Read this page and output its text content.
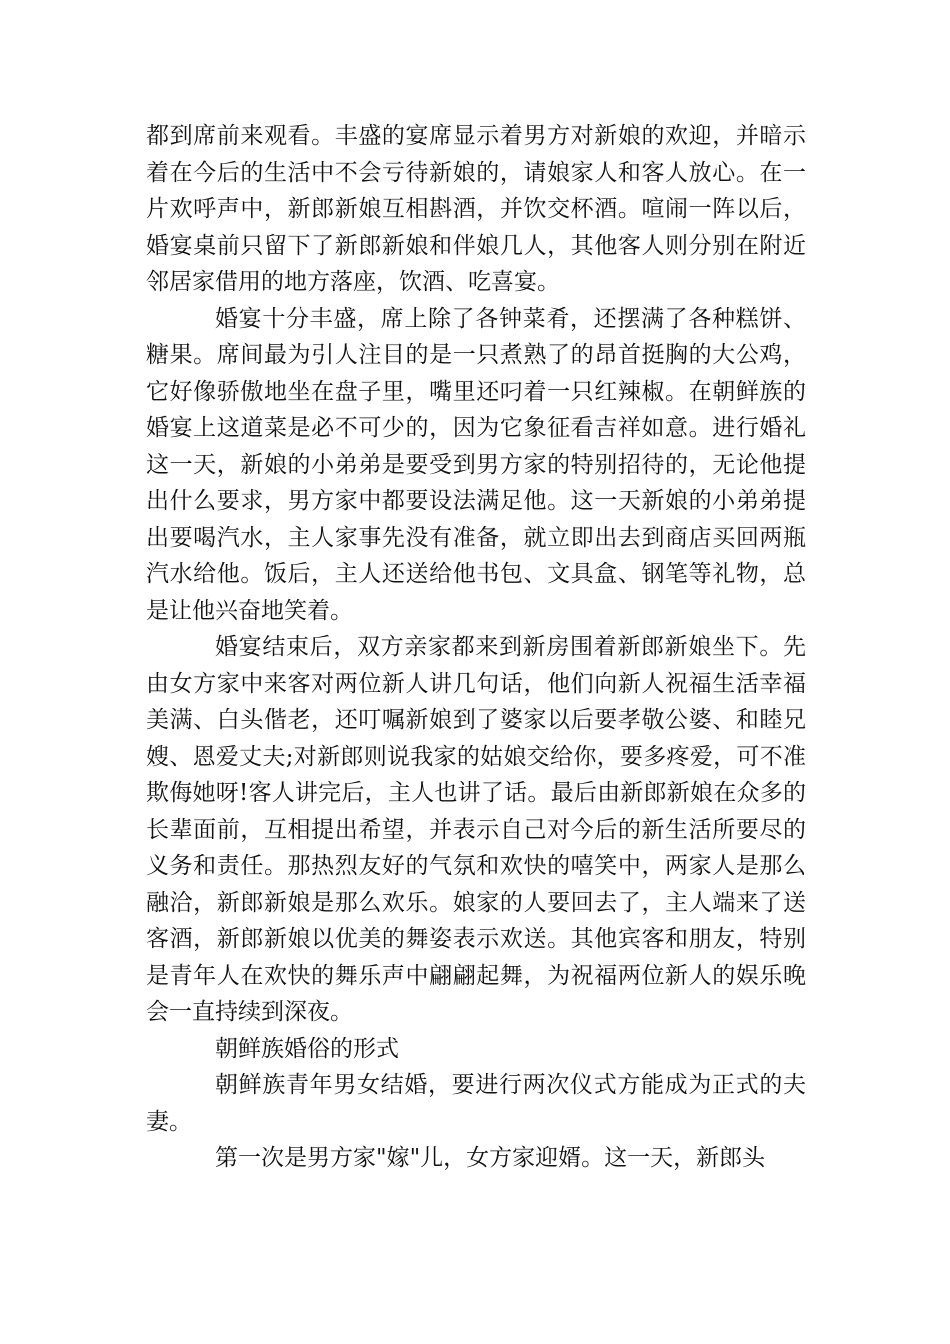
都到席前来观看。丰盛的宴席显示着男方对新娘的欢迎，并暗示着在今后的生活中不会亏待新娘的，请娘家人和客人放心。在一片欢呼声中，新郎新娘互相斟酒，并饮交杯酒。喧闹一阵以后，婚宴桌前只留下了新郎新娘和伴娘几人，其他客人则分别在附近邻居家借用的地方落座，饮酒、吃喜宴。

婚宴十分丰盛，席上除了各钟菜肴，还摆满了各种糕饼、糖果。席间最为引人注目的是一只煮熟了的昂首挺胸的大公鸡，它好像骄傲地坐在盘子里，嘴里还叼着一只红辣椒。在朝鲜族的婚宴上这道菜是必不可少的，因为它象征看吉祥如意。进行婚礼这一天，新娘的小弟弟是要受到男方家的特别招待的，无论他提出什么要求，男方家中都要设法满足他。这一天新娘的小弟弟提出要喝汽水，主人家事先没有准备，就立即出去到商店买回两瓶汽水给他。饭后，主人还送给他书包、文具盒、钢笔等礼物，总是让他兴奋地笑着。

婚宴结束后，双方亲家都来到新房围着新郎新娘坐下。先由女方家中来客对两位新人讲几句话，他们向新人祝福生活幸福美满、白头偕老，还叮嘱新娘到了婆家以后要孝敬公婆、和睦兄嫂、恩爱丈夫;对新郎则说我家的姑娘交给你，要多疼爱，可不准欺侮她呀!客人讲完后，主人也讲了话。最后由新郎新娘在众多的长辈面前，互相提出希望，并表示自己对今后的新生活所要尽的义务和责任。那热烈友好的气氛和欢快的嘻笑中，两家人是那么融洽，新郎新娘是那么欢乐。娘家的人要回去了，主人端来了送客酒，新郎新娘以优美的舞姿表示欢送。其他宾客和朋友，特别是青年人在欢快的舞乐声中翩翩起舞，为祝福两位新人的娱乐晚会一直持续到深夜。

朝鲜族婚俗的形式

朝鲜族青年男女结婚，要进行两次仪式方能成为正式的夫妻。

第一次是男方家"嫁"儿，女方家迎婿。这一天，新郎头
